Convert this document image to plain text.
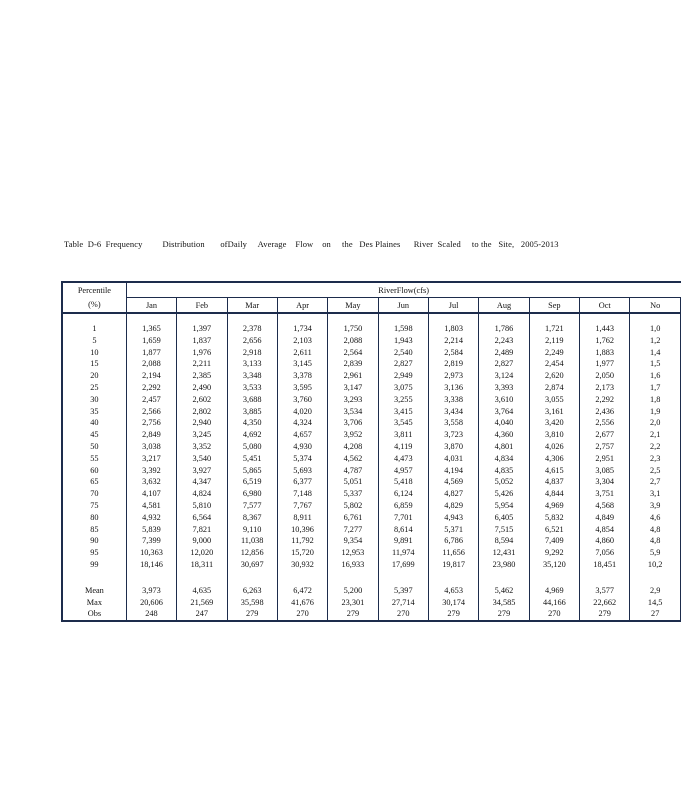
Table  D-6  Frequency         Distribution       ofDaily     Average    Flow    on     the   Des Plaines      River  Scaled     to the   Site,   2005-2013
Percentile	RiverFlow(cfs)										
(%)	Jan	Feb	Mar	Apr	May	Jun	Jul	Aug	Sep	Oct	No

1	1,365	1,397	2,378	1,734	1,750	1,598	1,803	1,786	1,721	1,443	1,0
5	1,659	1,837	2,656	2,103	2,088	1,943	2,214	2,243	2,119	1,762	1,2
10	1,877	1,976	2,918	2,611	2,564	2,540	2,584	2,489	2,249	1,883	1,4
15	2,088	2,211	3,133	3,145	2,839	2,827	2,819	2,827	2,454	1,977	1,5
20	2,194	2,385	3,348	3,378	2,961	2,949	2,973	3,124	2,620	2,050	1,6
25	2,292	2,490	3,533	3,595	3,147	3,075	3,136	3,393	2,874	2,173	1,7
30	2,457	2,602	3,688	3,760	3,293	3,255	3,338	3,610	3,055	2,292	1,8
35	2,566	2,802	3,885	4,020	3,534	3,415	3,434	3,764	3,161	2,436	1,9
40	2,756	2,940	4,350	4,324	3,706	3,545	3,558	4,040	3,420	2,556	2,0
45	2,849	3,245	4,692	4,657	3,952	3,811	3,723	4,360	3,810	2,677	2,1
50	3,038	3,352	5,080	4,930	4,208	4,119	3,870	4,801	4,026	2,757	2,2
55	3,217	3,540	5,451	5,374	4,562	4,473	4,031	4,834	4,306	2,951	2,3
60	3,392	3,927	5,865	5,693	4,787	4,957	4,194	4,835	4,615	3,085	2,5
65	3,632	4,347	6,519	6,377	5,051	5,418	4,569	5,052	4,837	3,304	2,7
70	4,107	4,824	6,980	7,148	5,337	6,124	4,827	5,426	4,844	3,751	3,1
75	4,581	5,810	7,577	7,767	5,802	6,859	4,829	5,954	4,969	4,568	3,9
80	4,932	6,564	8,367	8,911	6,761	7,701	4,943	6,405	5,832	4,849	4,6
85	5,839	7,821	9,110	10,396	7,277	8,614	5,371	7,515	6,521	4,854	4,8
90	7,399	9,000	11,038	11,792	9,354	9,891	6,786	8,594	7,409	4,860	4,8
95	10,363	12,020	12,856	15,720	12,953	11,974	11,656	12,431	9,292	7,056	5,9
99	18,146	18,311	30,697	30,932	16,933	17,699	19,817	23,980	35,120	18,451	10,2

Mean	3,973	4,635	6,263	6,472	5,200	5,397	4,653	5,462	4,969	3,577	2,9
Max	20,606	21,569	35,598	41,676	23,301	27,714	30,174	34,585	44,166	22,662	14,5
Obs	248	247	279	270	279	270	279	279	270	279	27
